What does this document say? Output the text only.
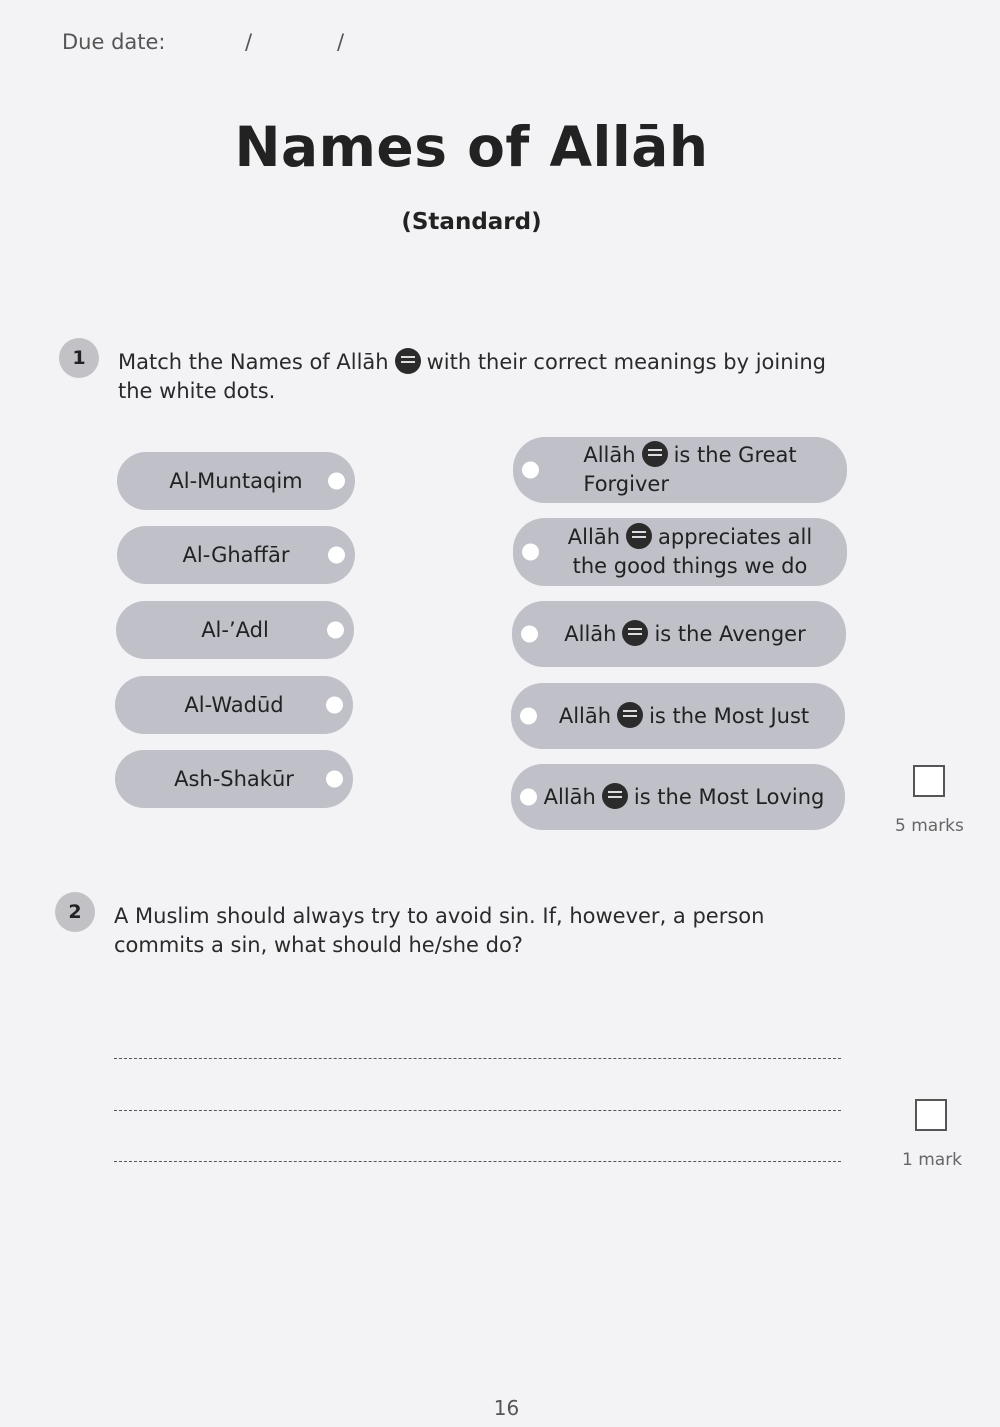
Due date:	/	/
Names of Allāh
(Standard)
1	Match the Names of Allāh with their correct meanings by joining
the white dots.
Al-Muntaqim
Al-Ghaffār
Al-’Adl
Al-Wadūd
Ash-Shakūr
Allāh is the Great
Forgiver
Allāh appreciates all
the good things we do
Allāh is the Avenger
Allāh is the Most Just
Allāh is the Most Loving
5 marks
2	A Muslim should always try to avoid sin. If, however, a person
commits a sin, what should he/she do?
1 mark
16
